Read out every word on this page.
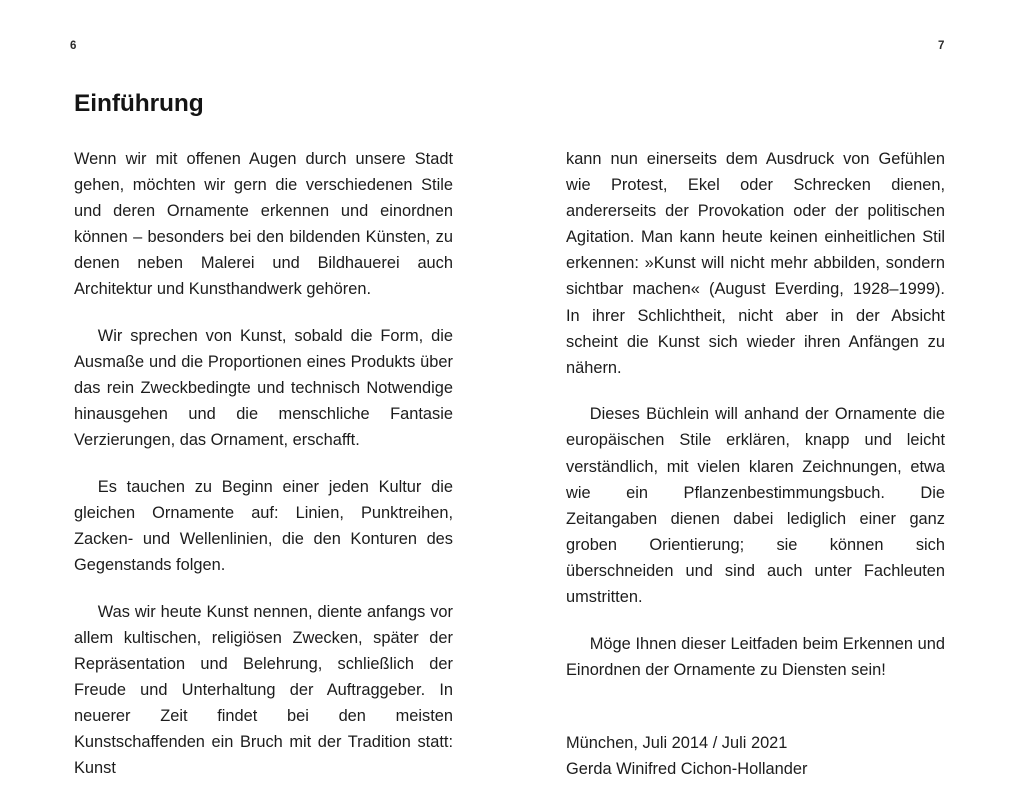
6	7
Einführung

Wenn wir mit offenen Augen durch unsere Stadt gehen, möchten wir gern die verschiedenen Stile und deren Ornamente erkennen und einordnen können – besonders bei den bildenden Künsten, zu denen neben Malerei und Bildhauerei auch Architektur und Kunsthandwerk gehören.

Wir sprechen von Kunst, sobald die Form, die Ausmaße und die Proportionen eines Produkts über das rein Zweckbedingte und technisch Notwendige hinausgehen und die menschliche Fantasie Verzierungen, das Ornament, erschafft.

Es tauchen zu Beginn einer jeden Kultur die gleichen Ornamente auf: Linien, Punktreihen, Zacken- und Wellenlinien, die den Konturen des Gegenstands folgen.

Was wir heute Kunst nennen, diente anfangs vor allem kultischen, religiösen Zwecken, später der Repräsentation und Belehrung, schließlich der Freude und Unterhaltung der Auftraggeber. In neuerer Zeit findet bei den meisten Kunstschaffenden ein Bruch mit der Tradition statt: Kunst

kann nun einerseits dem Ausdruck von Gefühlen wie Protest, Ekel oder Schrecken dienen, andererseits der Provokation oder der politischen Agitation. Man kann heute keinen einheitlichen Stil erkennen: »Kunst will nicht mehr abbilden, sondern sichtbar machen« (August Everding, 1928–1999). In ihrer Schlichtheit, nicht aber in der Absicht scheint die Kunst sich wieder ihren Anfängen zu nähern.

Dieses Büchlein will anhand der Ornamente die europäischen Stile erklären, knapp und leicht verständlich, mit vielen klaren Zeichnungen, etwa wie ein Pflanzenbestimmungsbuch. Die Zeitangaben dienen dabei lediglich einer ganz groben Orientierung; sie können sich überschneiden und sind auch unter Fachleuten umstritten.

Möge Ihnen dieser Leitfaden beim Erkennen und Einordnen der Ornamente zu Diensten sein!

München, Juli 2014 / Juli 2021
Gerda Winifred Cichon-Hollander
